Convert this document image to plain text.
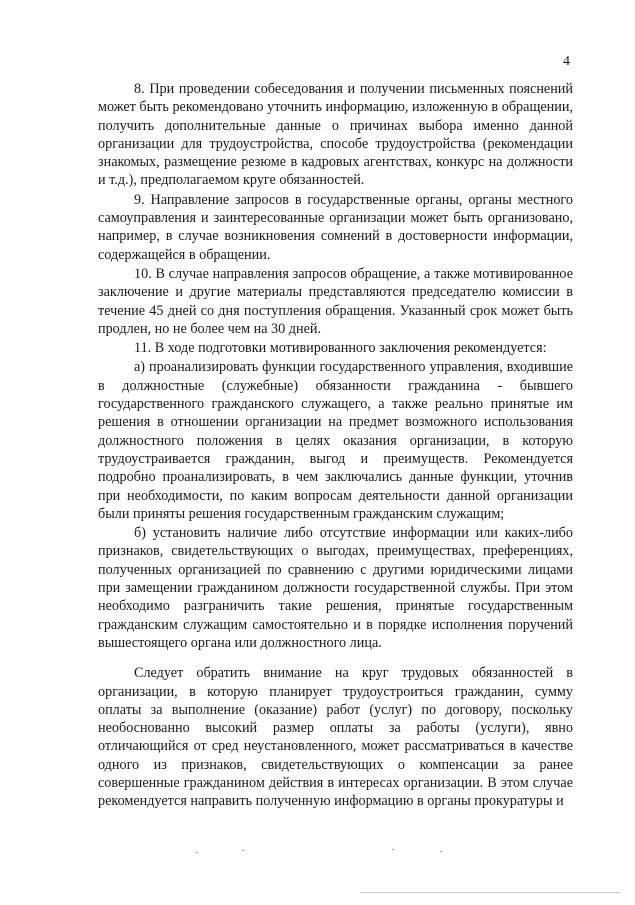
4

8. При проведении собеседования и получении письменных пояснений может быть рекомендовано уточнить информацию, изложенную в обращении, получить дополнительные данные о причинах выбора именно данной организации для трудоустройства, способе трудоустройства (рекомендации знакомых, размещение резюме в кадровых агентствах, конкурс на должности и т.д.), предполагаемом круге обязанностей.

9. Направление запросов в государственные органы, органы местного самоуправления и заинтересованные организации может быть организовано, например, в случае возникновения сомнений в достоверности информации, содержащейся в обращении.

10. В случае направления запросов обращение, а также мотивированное заключение и другие материалы представляются председателю комиссии в течение 45 дней со дня поступления обращения. Указанный срок может быть продлен, но не более чем на 30 дней.

11. В ходе подготовки мотивированного заключения рекомендуется:

а) проанализировать функции государственного управления, входившие в должностные (служебные) обязанности гражданина - бывшего государственного гражданского служащего, а также реально принятые им решения в отношении организации на предмет возможного использования должностного положения в целях оказания организации, в которую трудоустраивается гражданин, выгод и преимуществ. Рекомендуется подробно проанализировать, в чем заключались данные функции, уточнив при необходимости, по каким вопросам деятельности данной организации были приняты решения государственным гражданским служащим;

б) установить наличие либо отсутствие информации или каких-либо признаков, свидетельствующих о выгодах, преимуществах, преференциях, полученных организацией по сравнению с другими юридическими лицами при замещении гражданином должности государственной службы. При этом необходимо разграничить такие решения, принятые государственным гражданским служащим самостоятельно и в порядке исполнения поручений вышестоящего органа или должностного лица.

Следует обратить внимание на круг трудовых обязанностей в организации, в которую планирует трудоустроиться гражданин, сумму оплаты за выполнение (оказание) работ (услуг) по договору, поскольку необоснованно высокий размер оплаты за работы (услуги), явно отличающийся от сред неустановленного, может рассматриваться в качестве одного из признаков, свидетельствующих о компенсации за ранее совершенные гражданином действия в интересах организации. В этом случае рекомендуется направить полученную информацию в органы прокуратуры и
